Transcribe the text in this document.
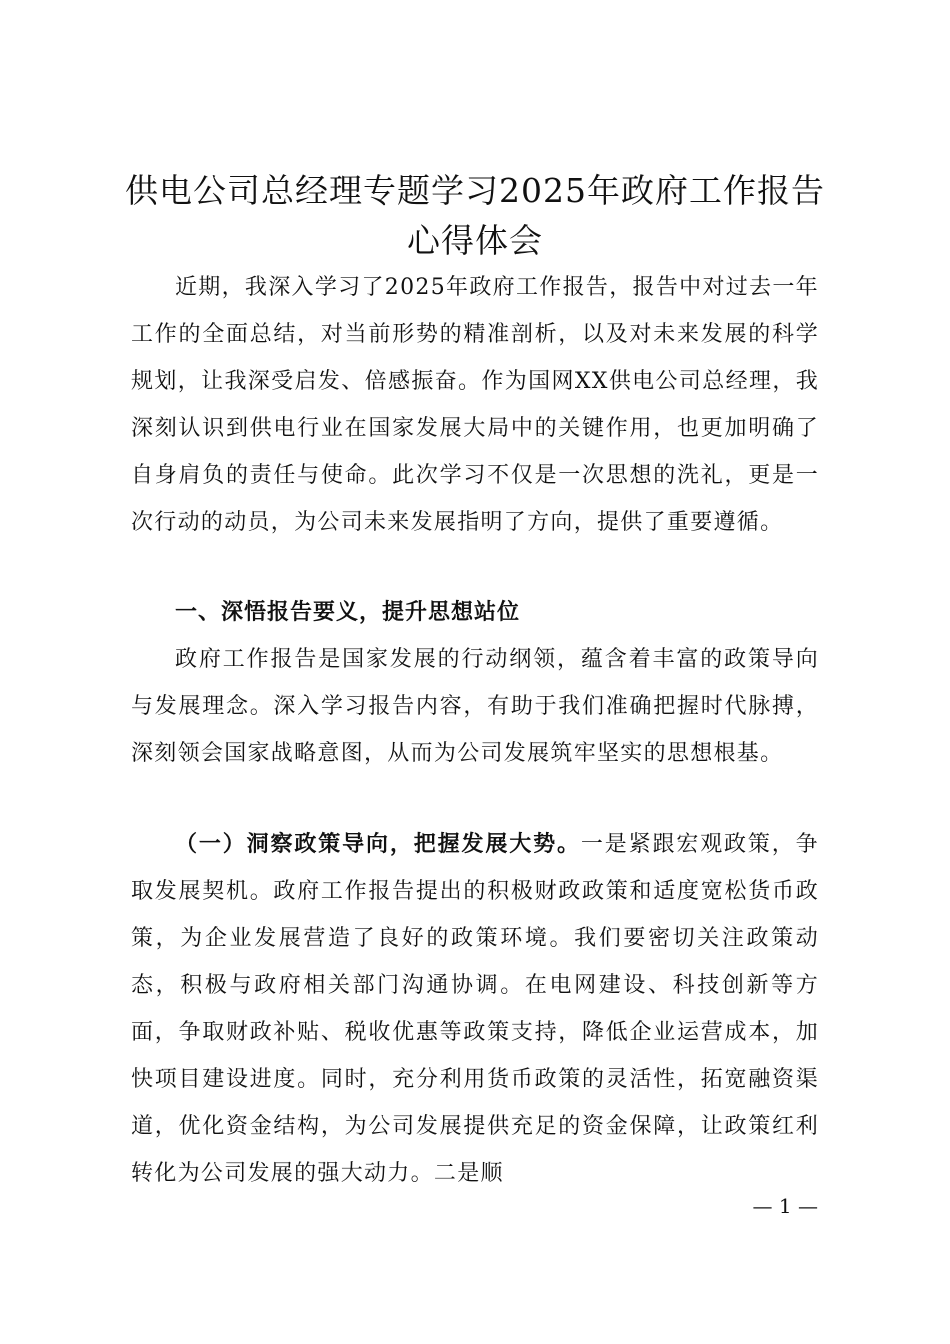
供电公司总经理专题学习2025年政府工作报告心得体会

近期，我深入学习了2025年政府工作报告，报告中对过去一年工作的全面总结，对当前形势的精准剖析，以及对未来发展的科学规划，让我深受启发、倍感振奋。作为国网XX供电公司总经理，我深刻认识到供电行业在国家发展大局中的关键作用，也更加明确了自身肩负的责任与使命。此次学习不仅是一次思想的洗礼，更是一次行动的动员，为公司未来发展指明了方向，提供了重要遵循。

一、深悟报告要义，提升思想站位

政府工作报告是国家发展的行动纲领，蕴含着丰富的政策导向与发展理念。深入学习报告内容，有助于我们准确把握时代脉搏，深刻领会国家战略意图，从而为公司发展筑牢坚实的思想根基。

（一）洞察政策导向，把握发展大势。一是紧跟宏观政策，争取发展契机。政府工作报告提出的积极财政政策和适度宽松货币政策，为企业发展营造了良好的政策环境。我们要密切关注政策动态，积极与政府相关部门沟通协调。在电网建设、科技创新等方面，争取财政补贴、税收优惠等政策支持，降低企业运营成本，加快项目建设进度。同时，充分利用货币政策的灵活性，拓宽融资渠道，优化资金结构，为公司发展提供充足的资金保障，让政策红利转化为公司发展的强大动力。二是顺

— 1 —
